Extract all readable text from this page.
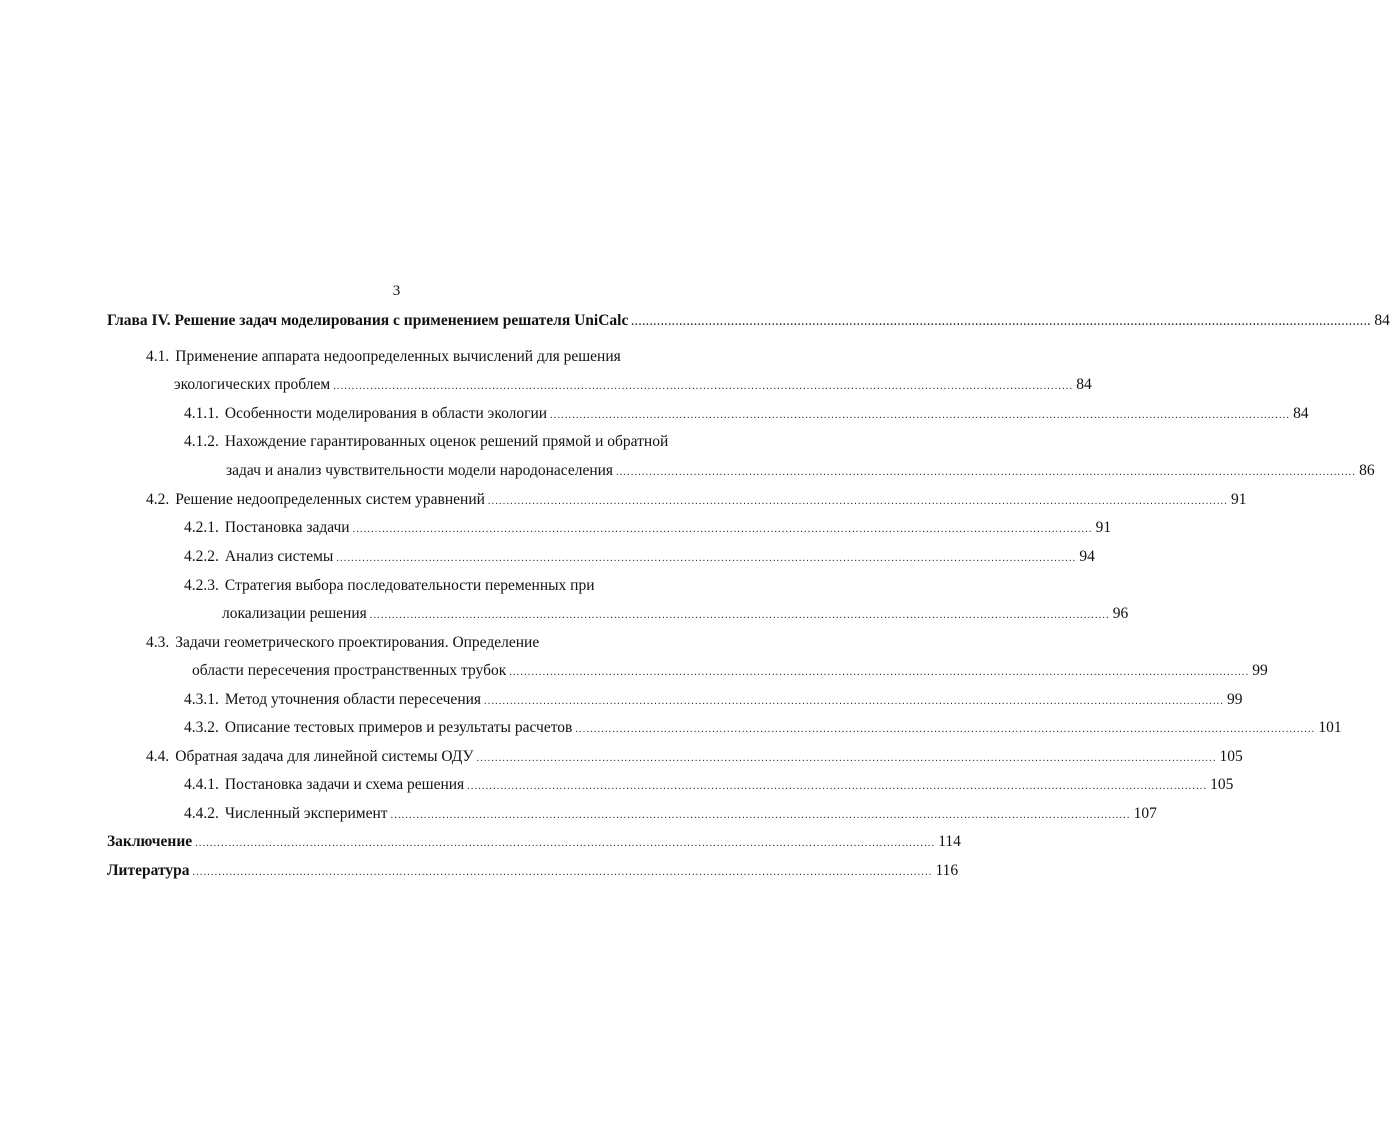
3
Глава IV. Решение задач моделирования с применением решателя UniCalc ........................................................................................................................................................................................................ 84
4.1. Применение аппарата недоопределенных вычислений для решения
экологических проблем ........................................................................................................................................................................................................ 84
4.1.1. Особенности моделирования в области экологии ........................................................................................................................................................................................................ 84
4.1.2. Нахождение гарантированных оценок решений прямой и обратной
задач и анализ чувствительности модели народонаселения ........................................................................................................................................................................................................ 86
4.2. Решение недоопределенных систем уравнений ........................................................................................................................................................................................................ 91
4.2.1. Постановка задачи ........................................................................................................................................................................................................ 91
4.2.2. Анализ системы ........................................................................................................................................................................................................ 94
4.2.3. Стратегия выбора последовательности переменных при
локализации решения ........................................................................................................................................................................................................ 96
4.3. Задачи геометрического проектирования. Определение
области пересечения пространственных трубок ........................................................................................................................................................................................................ 99
4.3.1. Метод уточнения области пересечения ........................................................................................................................................................................................................ 99
4.3.2. Описание тестовых примеров и результаты расчетов ........................................................................................................................................................................................................ 101
4.4. Обратная задача для линейной системы ОДУ ........................................................................................................................................................................................................ 105
4.4.1. Постановка задачи и схема решения ........................................................................................................................................................................................................ 105
4.4.2. Численный эксперимент ........................................................................................................................................................................................................ 107
Заключение ........................................................................................................................................................................................................ 114
Литература ........................................................................................................................................................................................................ 116
